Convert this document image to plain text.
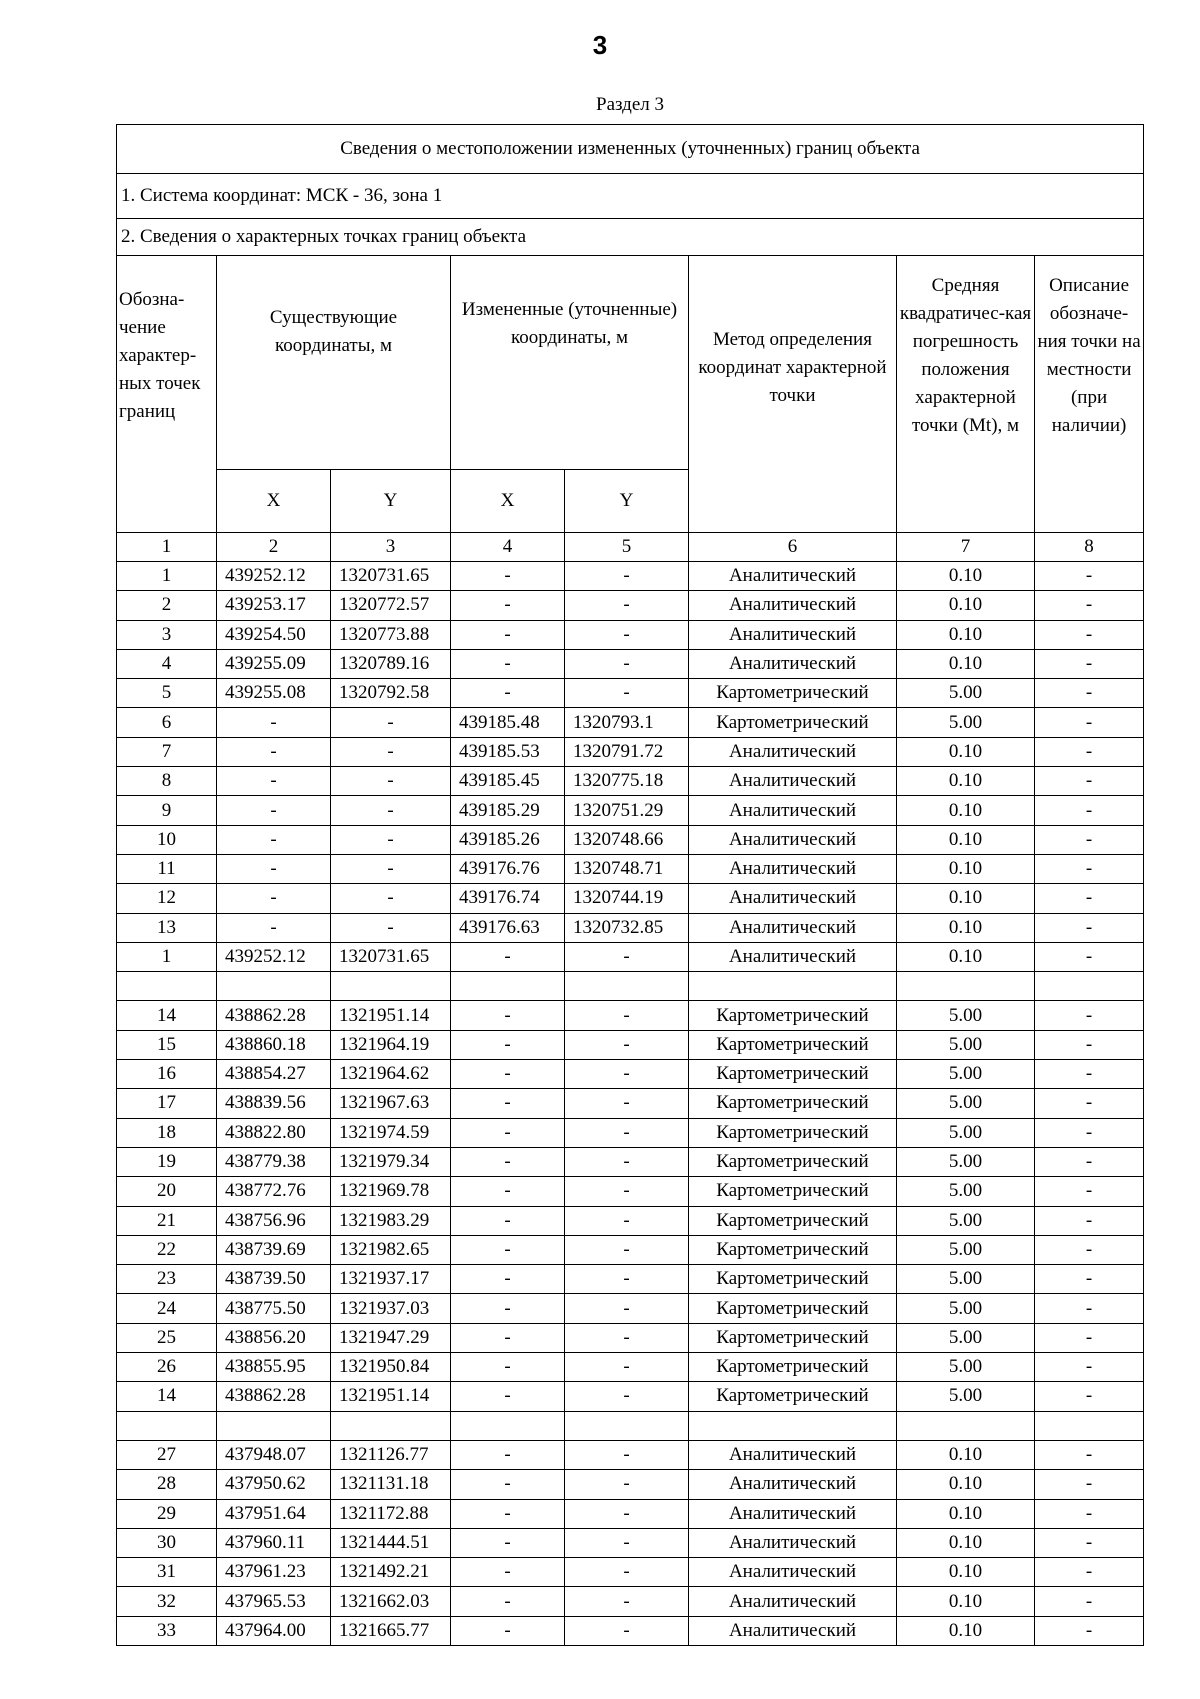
3
Раздел 3
Сведения о местоположении измененных (уточненных) границ объекта							
1. Система координат: МСК - 36, зона 1							
2. Сведения о характерных точках границ объекта							
Обозна-чение характер-ных точек границ	Существующие координаты, м		Измененные (уточненные) координаты, м		Метод определения координат характерной точки	Средняя квадратичес-кая погрешность положения характерной точки (Mt), м	Описание обозначе-ния точки на местности (при наличии)
	X	Y	X	Y			
1	2	3	4	5	6	7	8
1	439252.12	1320731.65	-	-	Аналитический	0.10	-
2	439253.17	1320772.57	-	-	Аналитический	0.10	-
3	439254.50	1320773.88	-	-	Аналитический	0.10	-
4	439255.09	1320789.16	-	-	Аналитический	0.10	-
5	439255.08	1320792.58	-	-	Картометрический	5.00	-
6	-	-	439185.48	1320793.1	Картометрический	5.00	-
7	-	-	439185.53	1320791.72	Аналитический	0.10	-
8	-	-	439185.45	1320775.18	Аналитический	0.10	-
9	-	-	439185.29	1320751.29	Аналитический	0.10	-
10	-	-	439185.26	1320748.66	Аналитический	0.10	-
11	-	-	439176.76	1320748.71	Аналитический	0.10	-
12	-	-	439176.74	1320744.19	Аналитический	0.10	-
13	-	-	439176.63	1320732.85	Аналитический	0.10	-
1	439252.12	1320731.65	-	-	Аналитический	0.10	-

14	438862.28	1321951.14	-	-	Картометрический	5.00	-
15	438860.18	1321964.19	-	-	Картометрический	5.00	-
16	438854.27	1321964.62	-	-	Картометрический	5.00	-
17	438839.56	1321967.63	-	-	Картометрический	5.00	-
18	438822.80	1321974.59	-	-	Картометрический	5.00	-
19	438779.38	1321979.34	-	-	Картометрический	5.00	-
20	438772.76	1321969.78	-	-	Картометрический	5.00	-
21	438756.96	1321983.29	-	-	Картометрический	5.00	-
22	438739.69	1321982.65	-	-	Картометрический	5.00	-
23	438739.50	1321937.17	-	-	Картометрический	5.00	-
24	438775.50	1321937.03	-	-	Картометрический	5.00	-
25	438856.20	1321947.29	-	-	Картометрический	5.00	-
26	438855.95	1321950.84	-	-	Картометрический	5.00	-
14	438862.28	1321951.14	-	-	Картометрический	5.00	-

27	437948.07	1321126.77	-	-	Аналитический	0.10	-
28	437950.62	1321131.18	-	-	Аналитический	0.10	-
29	437951.64	1321172.88	-	-	Аналитический	0.10	-
30	437960.11	1321444.51	-	-	Аналитический	0.10	-
31	437961.23	1321492.21	-	-	Аналитический	0.10	-
32	437965.53	1321662.03	-	-	Аналитический	0.10	-
33	437964.00	1321665.77	-	-	Аналитический	0.10	-
